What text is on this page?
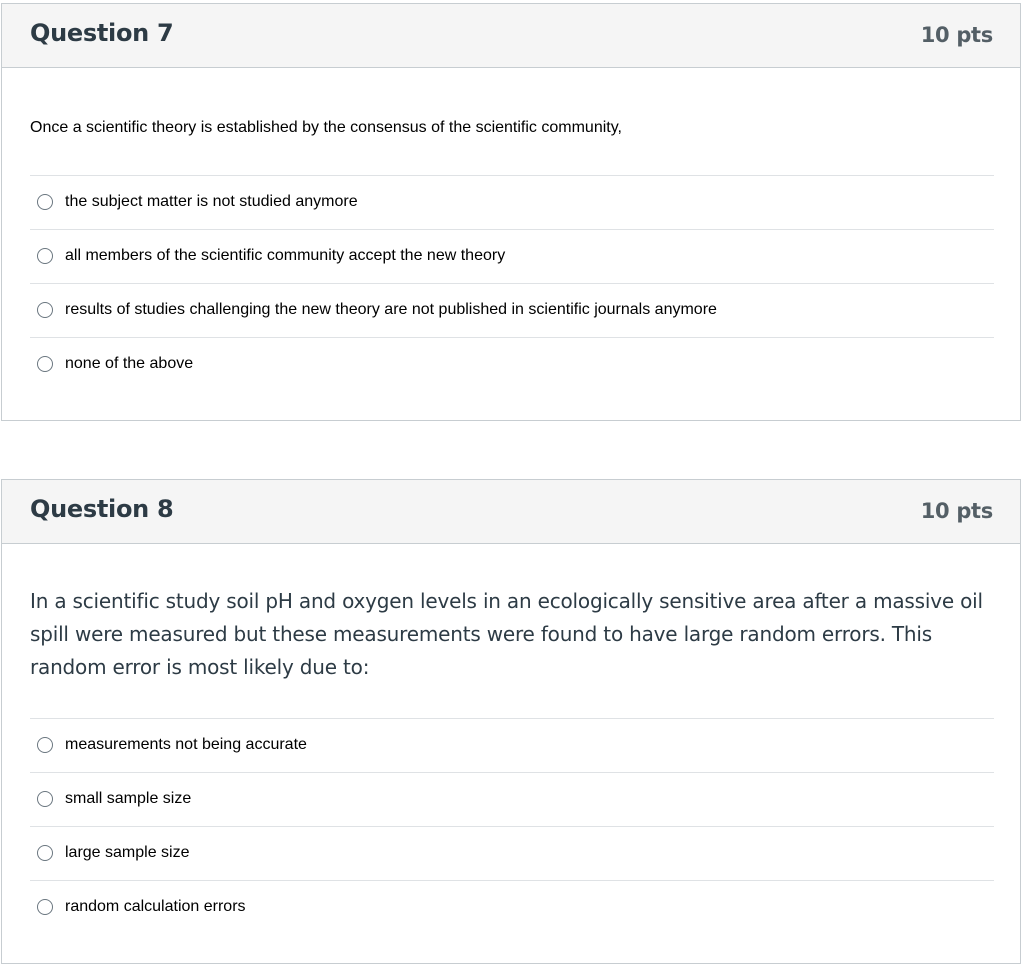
Question 7	10 pts
Once a scientific theory is established by the consensus of the scientific community,
the subject matter is not studied anymore
all members of the scientific community accept the new theory
results of studies challenging the new theory are not published in scientific journals anymore
none of the above
Question 8	10 pts
In a scientific study soil pH and oxygen levels in an ecologically sensitive area after a massive oil spill were measured but these measurements were found to have large random errors. This random error is most likely due to:
measurements not being accurate
small sample size
large sample size
random calculation errors
